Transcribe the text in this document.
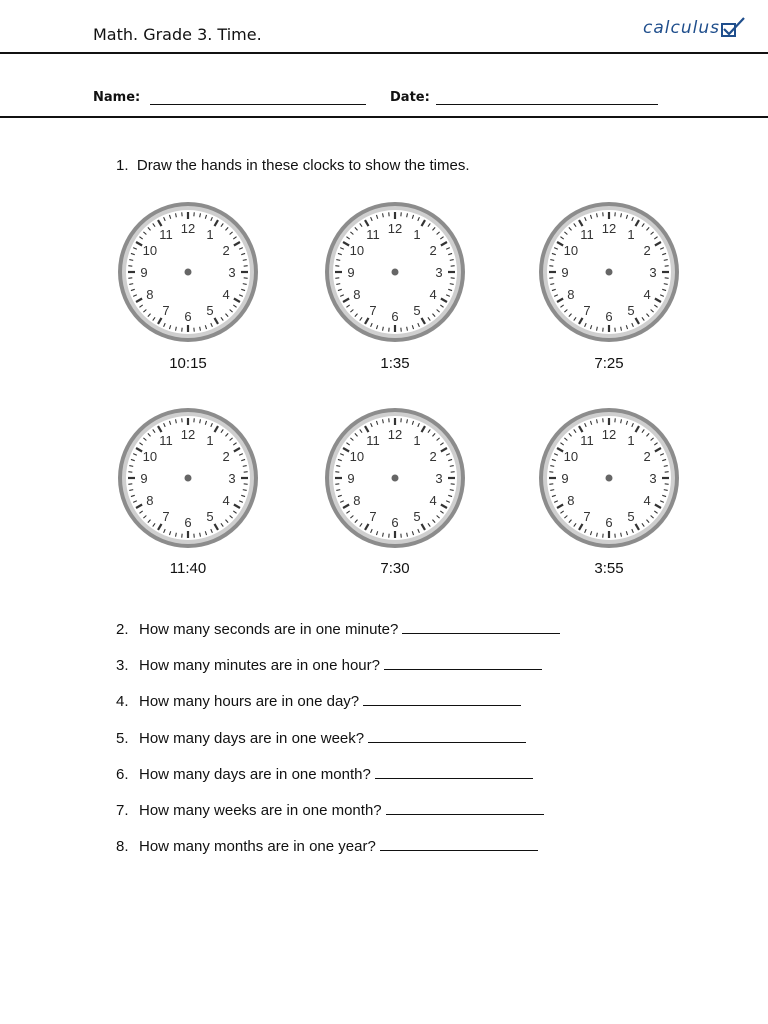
Math. Grade 3. Time.	calculus
Name:	Date:
1. Draw the hands in these clocks to show the times.
12 1
2
3
4
5
6
7
8
9
10
11
10:15
12 1
2
3
4
5
6
7
8
9
10
11
1:35
12 1
2
3
4
5
6
7
8
9
10
11
7:25
12 1
2
3
4
5
6
7
8
9
10
11
11:40
12 1
2
3
4
5
6
7
8
9
10
11
7:30
12 1
2
3
4
5
6
7
8
9
10
11
3:55
2. How many seconds are in one minute?
3. How many minutes are in one hour?
4. How many hours are in one day?
5. How many days are in one week?
6. How many days are in one month?
7. How many weeks are in one month?
8. How many months are in one year?
